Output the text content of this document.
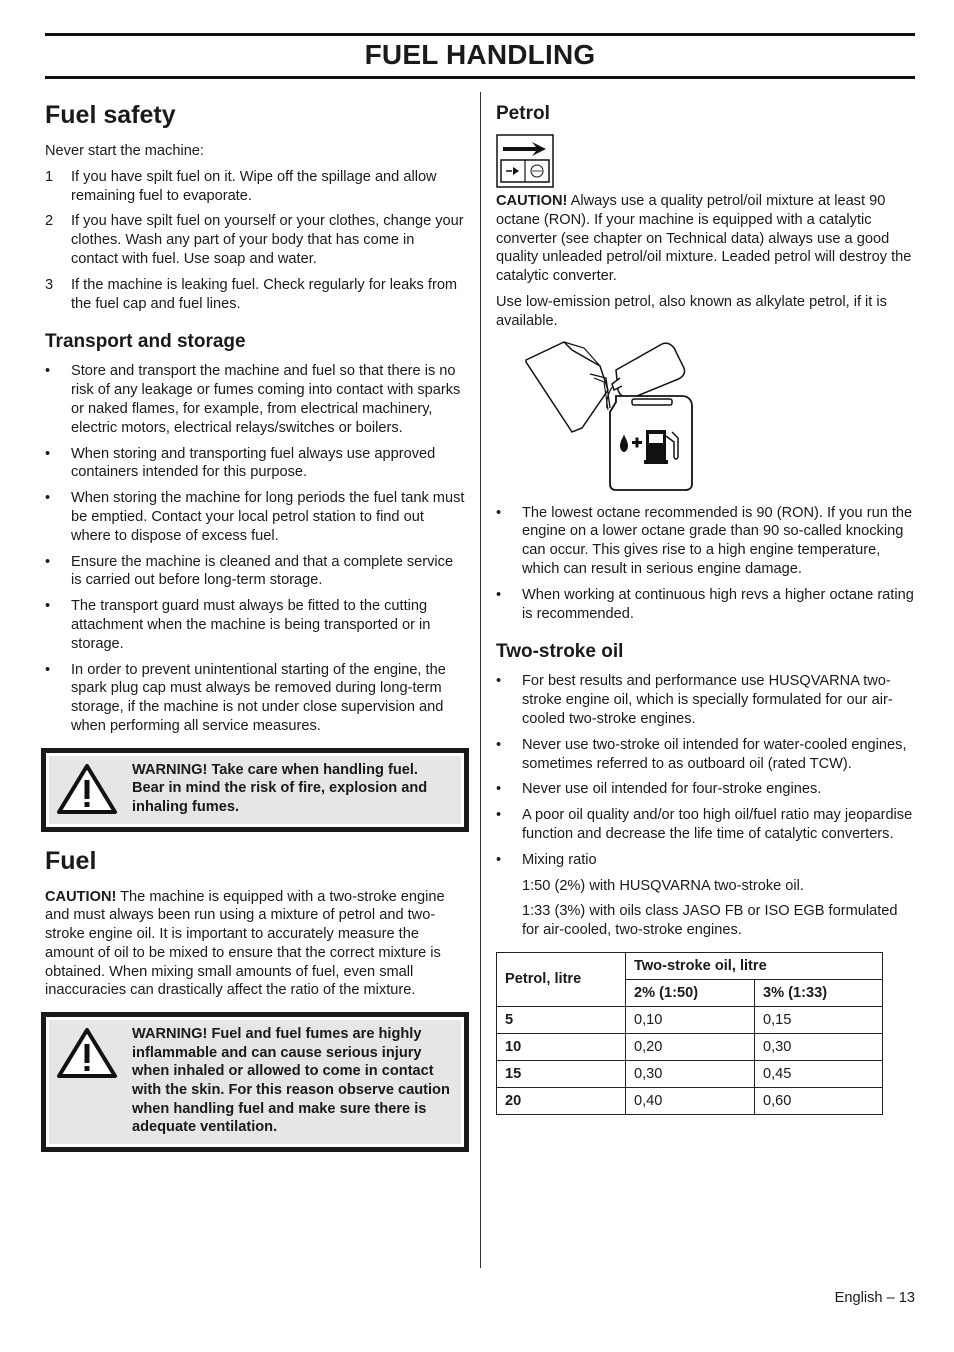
FUEL HANDLING
Fuel safety

Never start the machine:

1 If you have spilt fuel on it. Wipe off the spillage and allow remaining fuel to evaporate.
2 If you have spilt fuel on yourself or your clothes, change your clothes. Wash any part of your body that has come in contact with fuel. Use soap and water.
3 If the machine is leaking fuel. Check regularly for leaks from the fuel cap and fuel lines.
Transport and storage
• Store and transport the machine and fuel so that there is no risk of any leakage or fumes coming into contact with sparks or naked flames, for example, from electrical machinery, electric motors, electrical relays/switches or boilers.
• When storing and transporting fuel always use approved containers intended for this purpose.
• When storing the machine for long periods the fuel tank must be emptied. Contact your local petrol station to find out where to dispose of excess fuel.
• Ensure the machine is cleaned and that a complete service is carried out before long-term storage.
• The transport guard must always be fitted to the cutting attachment when the machine is being transported or in storage.
• In order to prevent unintentional starting of the engine, the spark plug cap must always be removed during long-term storage, if the machine is not under close supervision and when performing all service measures.

WARNING! Take care when handling fuel. Bear in mind the risk of fire, explosion and inhaling fumes.

Fuel

CAUTION! The machine is equipped with a two-stroke engine and must always been run using a mixture of petrol and two-stroke engine oil. It is important to accurately measure the amount of oil to be mixed to ensure that the correct mixture is obtained. When mixing small amounts of fuel, even small inaccuracies can drastically affect the ratio of the mixture.

WARNING! Fuel and fuel fumes are highly inflammable and can cause serious injury when inhaled or allowed to come in contact with the skin. For this reason observe caution when handling fuel and make sure there is adequate ventilation.

Petrol

CAUTION! Always use a quality petrol/oil mixture at least 90 octane (RON). If your machine is equipped with a catalytic converter (see chapter on Technical data) always use a good quality unleaded petrol/oil mixture. Leaded petrol will destroy the catalytic converter.

Use low-emission petrol, also known as alkylate petrol, if it is available.

• The lowest octane recommended is 90 (RON). If you run the engine on a lower octane grade than 90 so-called knocking can occur. This gives rise to a high engine temperature, which can result in serious engine damage.
• When working at continuous high revs a higher octane rating is recommended.
Two-stroke oil
• For best results and performance use HUSQVARNA two-stroke engine oil, which is specially formulated for our air-cooled two-stroke engines.
• Never use two-stroke oil intended for water-cooled engines, sometimes referred to as outboard oil (rated TCW).
• Never use oil intended for four-stroke engines.
• A poor oil quality and/or too high oil/fuel ratio may jeopardise function and decrease the life time of catalytic converters.
• Mixing ratio

1:50 (2%) with HUSQVARNA two-stroke oil.

1:33 (3%) with oils class JASO FB or ISO EGB formulated for air-cooled, two-stroke engines.

Petrol, litre	Two-stroke oil, litre	
	2% (1:50)	3% (1:33)
5	0,10	0,15
10	0,20	0,30
15	0,30	0,45
20	0,40	0,60
English – 13
